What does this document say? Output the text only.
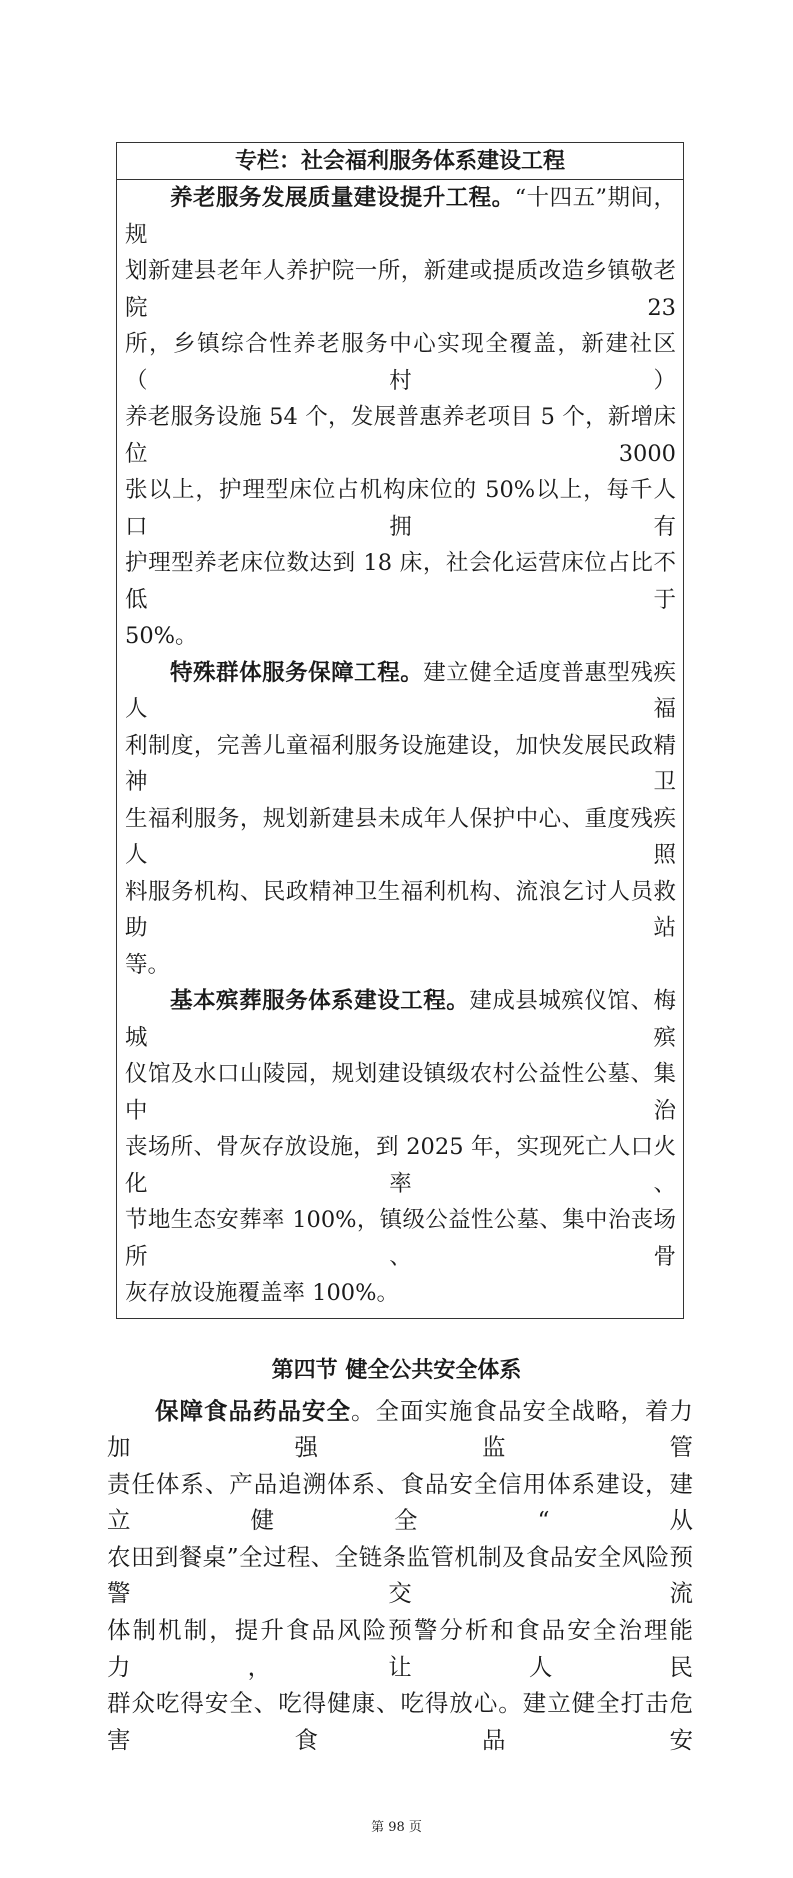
专栏：社会福利服务体系建设工程
养老服务发展质量建设提升工程。“十四五”期间，规
划新建县老年人养护院一所，新建或提质改造乡镇敬老院 23
所，乡镇综合性养老服务中心实现全覆盖，新建社区（村）
养老服务设施 54 个，发展普惠养老项目 5 个，新增床位 3000
张以上，护理型床位占机构床位的 50%以上，每千人口拥有
护理型养老床位数达到 18 床，社会化运营床位占比不低于
50%。
特殊群体服务保障工程。建立健全适度普惠型残疾人福
利制度，完善儿童福利服务设施建设，加快发展民政精神卫
生福利服务，规划新建县未成年人保护中心、重度残疾人照
料服务机构、民政精神卫生福利机构、流浪乞讨人员救助站
等。
基本殡葬服务体系建设工程。建成县城殡仪馆、梅城殡
仪馆及水口山陵园，规划建设镇级农村公益性公墓、集中治
丧场所、骨灰存放设施，到 2025 年，实现死亡人口火化率、
节地生态安葬率 100%，镇级公益性公墓、集中治丧场所、骨
灰存放设施覆盖率 100%。
第四节 健全公共安全体系
保障食品药品安全。全面实施食品安全战略，着力加强监管
责任体系、产品追溯体系、食品安全信用体系建设，建立健全“从
农田到餐桌”全过程、全链条监管机制及食品安全风险预警交流
体制机制，提升食品风险预警分析和食品安全治理能力，让人民
群众吃得安全、吃得健康、吃得放心。建立健全打击危害食品安
第 98 页
